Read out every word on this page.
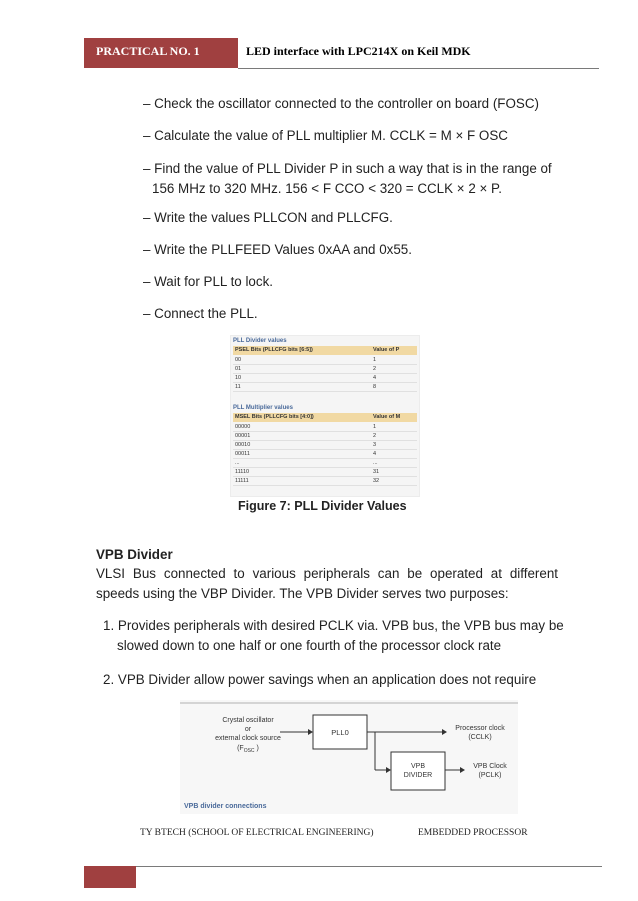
PRACTICAL NO. 1	LED interface with LPC214X on Keil MDK
– Check the oscillator connected to the controller on board (FOSC)
– Calculate the value of PLL multiplier M. CCLK = M × F OSC
– Find the value of PLL Divider P in such a way that is in the range of
156 MHz to 320 MHz. 156 < F CCO < 320 = CCLK × 2 × P.
– Write the values PLLCON and PLLCFG.
– Write the PLLFEED Values 0xAA and 0x55.
– Wait for PLL to lock.
– Connect the PLL.
PLL Divider values
PSEL Bits (PLLCFG bits [6:5])	Value of P
00	1
01	2
10	4
11	8
PLL Multiplier values
MSEL Bits (PLLCFG bits [4:0])	Value of M
00000	1
00001	2
00010	3
00011	4
...	...
11110	31
11111	32
Figure 7: PLL Divider Values
VPB Divider
VLSI Bus connected to various peripherals can be operated at different speeds using the VBP Divider. The VPB Divider serves two purposes:
1. Provides peripherals with desired PCLK via. VPB bus, the VPB bus may be
slowed down to one half or one fourth of the processor clock rate
2. VPB Divider allow power savings when an application does not require
Crystal oscillator
or
external clock source
($F_{OSC}$ )
PLL0	Processor clock
(CCLK)
VPB
DIVIDER
VPB Clock
(PCLK)
VPB divider connections
TY BTECH (SCHOOL OF ELECTRICAL ENGINEERING)	EMBEDDED PROCESSOR
